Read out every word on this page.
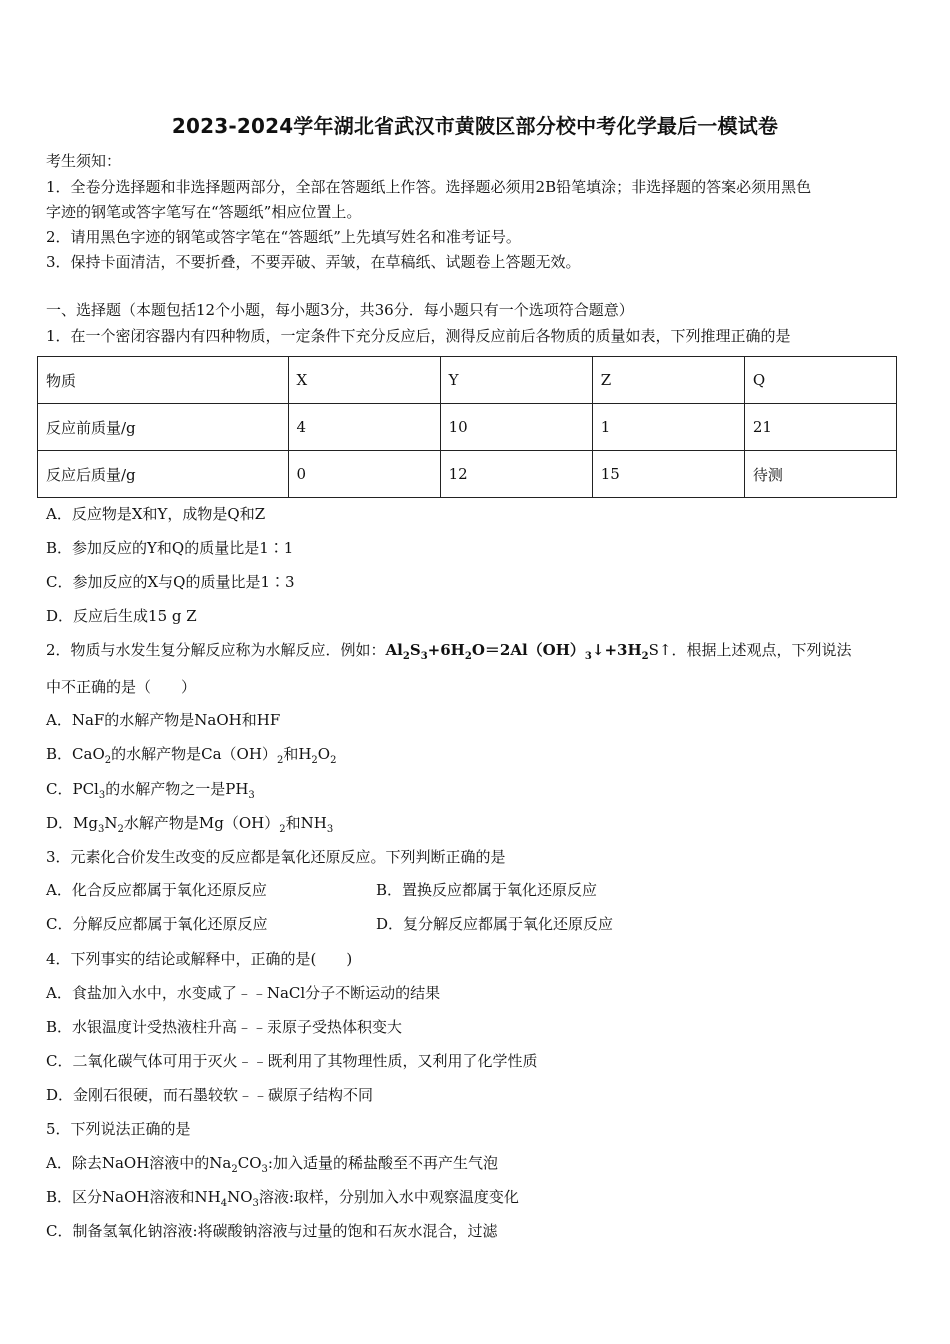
2023-2024学年湖北省武汉市黄陂区部分校中考化学最后一模试卷
考生须知：
1．全卷分选择题和非选择题两部分，全部在答题纸上作答。选择题必须用2B铅笔填涂；非选择题的答案必须用黑色
字迹的钢笔或答字笔写在“答题纸”相应位置上。
2．请用黑色字迹的钢笔或答字笔在“答题纸”上先填写姓名和准考证号。
3．保持卡面清洁，不要折叠，不要弄破、弄皱，在草稿纸、试题卷上答题无效。
一、选择题（本题包括12个小题，每小题3分，共36分．每小题只有一个选项符合题意）
1．在一个密闭容器内有四种物质，一定条件下充分反应后，测得反应前后各物质的质量如表，下列推理正确的是
物质	X	Y	Z	Q
反应前质量/g	4	10	1	21
反应后质量/g	0	12	15	待测
A．反应物是X和Y，成物是Q和Z
B．参加反应的Y和Q的质量比是1∶1
C．参加反应的X与Q的质量比是1∶3
D．反应后生成15 g Z
2．物质与水发生复分解反应称为水解反应．例如：$Al_2S_3+6H_2O=2Al(OH)_3↓+3H_2S↑$．根据上述观点，下列说法
中不正确的是（　　）
A．NaF的水解产物是NaOH和HF
B．CaO$_2$的水解产物是$Ca(OH)_2$和$H_2O_2$
C．PCl$_3$的水解产物之一是$PH_3$
D．$Mg_3N_2$水解产物是$Mg(OH)_2$和$NH_3$
3．元素化合价发生改变的反应都是氧化还原反应。下列判断正确的是
A．化合反应都属于氧化还原反应	B．置换反应都属于氧化还原反应
C．分解反应都属于氧化还原反应	D．复分解反应都属于氧化还原反应
4．下列事实的结论或解释中，正确的是(　　)
A．食盐加入水中，水变咸了﹣﹣NaCl分子不断运动的结果
B．水银温度计受热液柱升高﹣﹣汞原子受热体积变大
C．二氧化碳气体可用于灭火﹣﹣既利用了其物理性质，又利用了化学性质
D．金刚石很硬，而石墨较软﹣﹣碳原子结构不同
5．下列说法正确的是
A．除去NaOH溶液中的$Na_2CO_3$:加入适量的稀盐酸至不再产生气泡
B．区分NaOH溶液和$NH_4NO_3$溶液:取样，分别加入水中观察温度变化
C．制备氢氧化钠溶液:将碳酸钠溶液与过量的饱和石灰水混合，过滤
